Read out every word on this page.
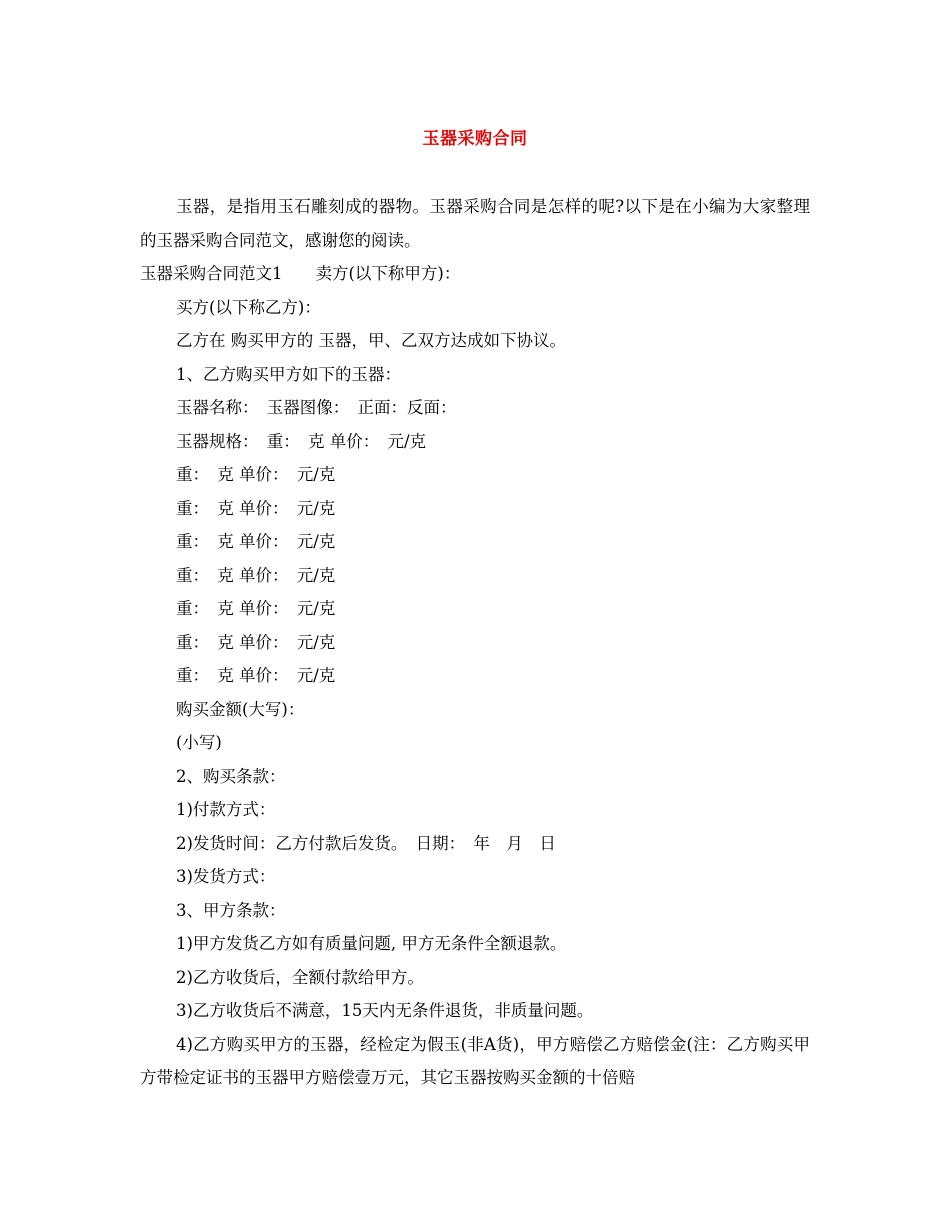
玉器采购合同
玉器，是指用玉石雕刻成的器物。玉器采购合同是怎样的呢?以下是在小编为大家整理的玉器采购合同范文，感谢您的阅读。
玉器采购合同范文1　　卖方(以下称甲方)：
买方(以下称乙方)：
乙方在 购买甲方的 玉器，甲、乙双方达成如下协议。
1、乙方购买甲方如下的玉器：
玉器名称：　玉器图像：　正面：反面：
玉器规格：　重：　克 单价：　元/克
重：　克 单价：　元/克
重：　克 单价：　元/克
重：　克 单价：　元/克
重：　克 单价：　元/克
重：　克 单价：　元/克
重：　克 单价：　元/克
重：　克 单价：　元/克
购买金额(大写)：
(小写)
2、购买条款：
1)付款方式：
2)发货时间：乙方付款后发货。　日期：　年　月　日
3)发货方式：
3、甲方条款：
1)甲方发货乙方如有质量问题, 甲方无条件全额退款。
2)乙方收货后，全额付款给甲方。
3)乙方收货后不满意，15天内无条件退货，非质量问题。
4)乙方购买甲方的玉器，经检定为假玉(非A货)，甲方赔偿乙方赔偿金(注：乙方购买甲方带检定证书的玉器甲方赔偿壹万元，其它玉器按购买金额的十倍赔
